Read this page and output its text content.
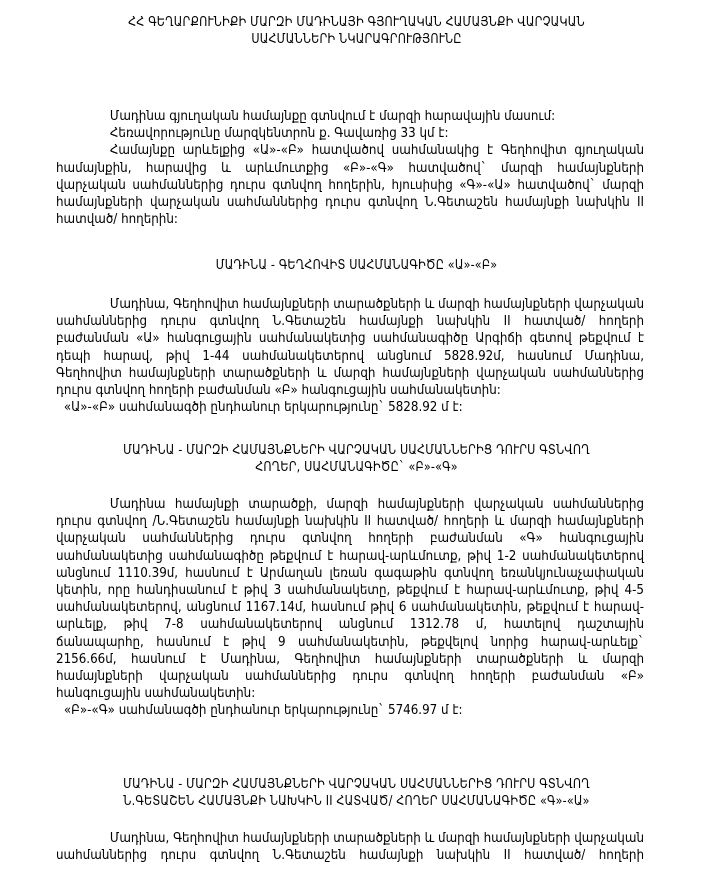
ՀՀ ԳԵՂԱՐՔՈՒՆԻՔԻ ՄԱՐԶԻ ՄԱԴԻՆԱՅԻ ԳՅՈՒՂԱԿԱՆ ՀԱՄԱՅՆՔԻ ՎԱՐՉԱԿԱՆ
ՍԱՀՄԱՆՆԵՐԻ ՆԿԱՐԱԳՐՈՒԹՅՈՒՆԸ
Մադինա գյուղական համայնքը գտնվում է մարզի հարավային մասում:
Հեռավորությունը մարզկենտրոն ք. Գավառից 33 կմ է:
Համայնքը արևելքից «Ա»-«Բ» հատվածով սահմանակից է Գեղհովիտ գյուղական
համայնքին, հարավից և արևմուտքից «Բ»-«Գ» հատվածով` մարզի համայնքների
վարչական սահմաններից դուրս գտնվող հողերին, հյուսիսից «Գ»-«Ա» հատվածով` մարզի
համայնքների վարչական սահմաններից դուրս գտնվող Ն.Գետաշեն համայնքի նախկին II
հատված/ հողերին:
ՄԱԴԻՆԱ - ԳԵՂՀՈՎԻՏ ՍԱՀՄԱՆԱԳԻԾԸ «Ա»-«Բ»
Մադինա, Գեղհովիտ համայնքների տարածքների և մարզի համայնքների վարչական
սահմաններից դուրս գտնվող Ն.Գետաշեն համայնքի նախկին II հատված/ հողերի
բաժանման «Ա» հանգուցային սահմանակետից սահմանագիծը Արգիճի գետով թեքվում է
դեպի հարավ, թիվ 1-44 սահմանակետերով անցնում 5828.92մ, հասնում Մադինա,
Գեղհովիտ համայնքների տարածքների և մարզի համայնքների վարչական սահմաններից
դուրս գտնվող հողերի բաժանման «Բ» հանգուցային սահմանակետին:
«Ա»-«Բ» սահմանագծի ընդհանուր երկարությունը` 5828.92 մ է:
ՄԱԴԻՆԱ - ՄԱՐԶԻ ՀԱՄԱՅՆՔՆԵՐԻ ՎԱՐՉԱԿԱՆ ՍԱՀՄԱՆՆԵՐԻՑ ԴՈՒՐՍ ԳՏՆՎՈՂ
ՀՈՂԵՐ, ՍԱՀՄԱՆԱԳԻԾԸ` «Բ»-«Գ»
Մադինա համայնքի տարածքի, մարզի համայնքների վարչական սահմաններից
դուրս գտնվող /Ն.Գետաշեն համայնքի նախկին II հատված/ հողերի և մարզի համայնքների
վարչական սահմաններից դուրս գտնվող հողերի բաժանման «Գ» հանգուցային
սահմանակետից սահմանագիծը թեքվում է հարավ-արևմուտք, թիվ 1-2 սահմանակետերով
անցնում 1110.39մ, հասնում է Արմաղան լեռան գագաթին գտնվող եռանկյունաչափական
կետին, որը հանդիսանում է թիվ 3 սահմանակետը, թեքվում է հարավ-արևմուտք, թիվ 4-5
սահմանակետերով, անցնում 1167.14մ, հասնում թիվ 6 սահմանակետին, թեքվում է հարավ-
արևելք, թիվ 7-8 սահմանակետերով անցնում 1312.78 մ, հատելով դաշտային
ճանապարհը, հասնում է թիվ 9 սահմանակետին, թեքվելով նորից հարավ-արևելք`
2156.66մ, հասնում է Մադինա, Գեղհովիտ համայնքների տարածքների և մարզի
համայնքների վարչական սահմաններից դուրս գտնվող հողերի բաժանման «Բ»
հանգուցային սահմանակետին:
«Բ»-«Գ» սահմանագծի ընդհանուր երկարությունը` 5746.97 մ է:
ՄԱԴԻՆԱ - ՄԱՐԶԻ ՀԱՄԱՅՆՔՆԵՐԻ ՎԱՐՉԱԿԱՆ ՍԱՀՄԱՆՆԵՐԻՑ ԴՈՒՐՍ ԳՏՆՎՈՂ
Ն.ԳԵՏԱՇԵՆ ՀԱՄԱՅՆՔԻ ՆԱԽԿԻՆ II ՀԱՏՎԱԾ/ ՀՈՂԵՐ ՍԱՀՄԱՆԱԳԻԾԸ «Գ»-«Ա»
Մադինա, Գեղհովիտ համայնքների տարածքների և մարզի համայնքների վարչական
սահմաններից դուրս գտնվող Ն.Գետաշեն համայնքի նախկին II հատված/ հողերի
